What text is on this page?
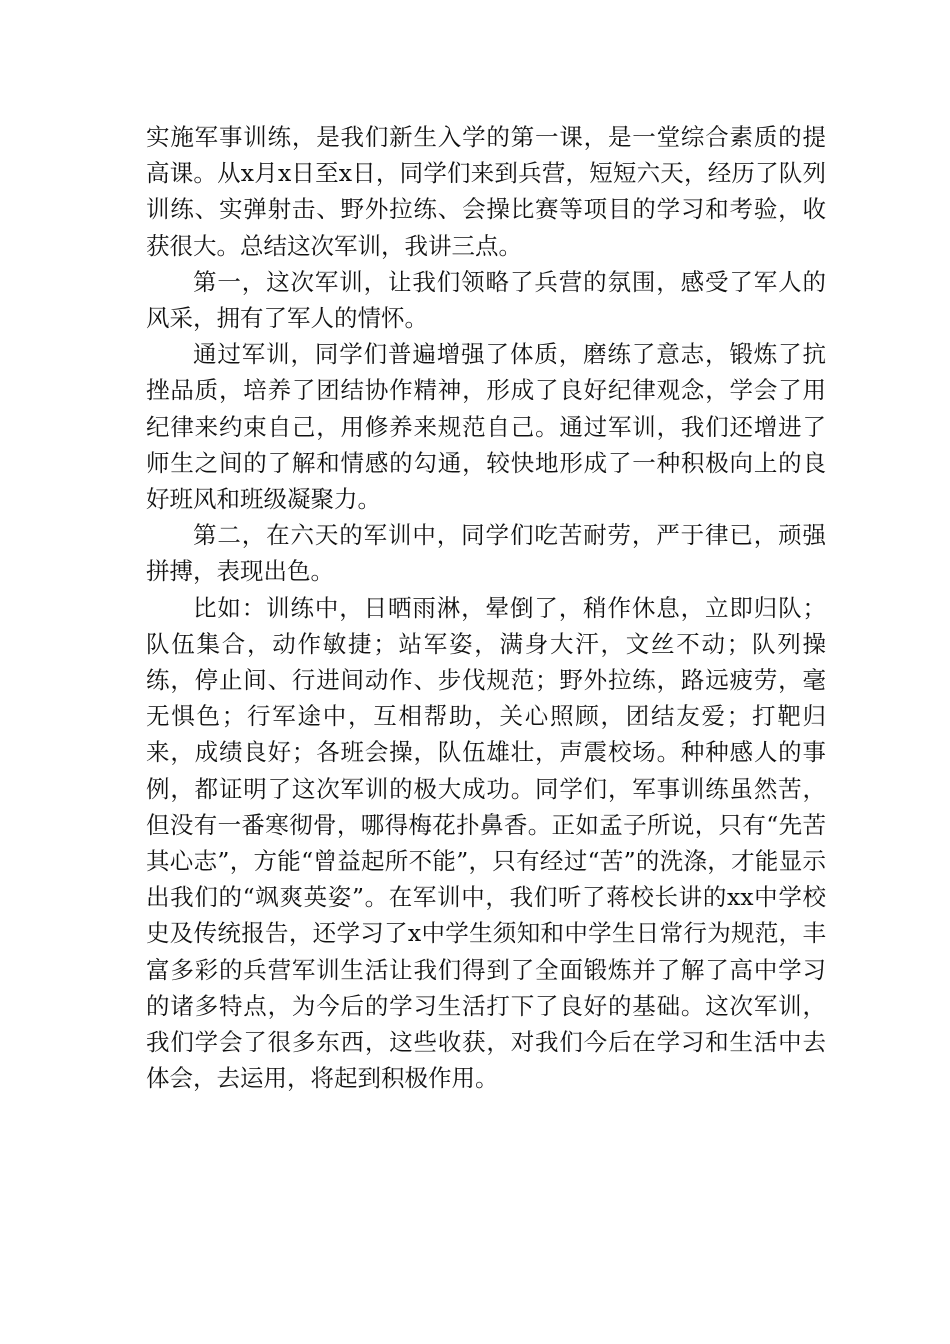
实施军事训练，是我们新生入学的第一课，是一堂综合素质的提高课。从x月x日至x日，同学们来到兵营，短短六天，经历了队列训练、实弹射击、野外拉练、会操比赛等项目的学习和考验，收获很大。总结这次军训，我讲三点。

第一，这次军训，让我们领略了兵营的氛围，感受了军人的风采，拥有了军人的情怀。

通过军训，同学们普遍增强了体质，磨练了意志，锻炼了抗挫品质，培养了团结协作精神，形成了良好纪律观念，学会了用纪律来约束自己，用修养来规范自己。通过军训，我们还增进了师生之间的了解和情感的勾通，较快地形成了一种积极向上的良好班风和班级凝聚力。

第二，在六天的军训中，同学们吃苦耐劳，严于律已，顽强拼搏，表现出色。

比如：训练中，日晒雨淋，晕倒了，稍作休息，立即归队；队伍集合，动作敏捷；站军姿，满身大汗，文丝不动；队列操练，停止间、行进间动作、步伐规范；野外拉练，路远疲劳，毫无惧色；行军途中，互相帮助，关心照顾，团结友爱；打靶归来，成绩良好；各班会操，队伍雄壮，声震校场。种种感人的事例，都证明了这次军训的极大成功。同学们，军事训练虽然苦，但没有一番寒彻骨，哪得梅花扑鼻香。正如孟子所说，只有“先苦其心志”，方能“曾益起所不能”，只有经过“苦”的洗涤，才能显示出我们的“飒爽英姿”。在军训中，我们听了蒋校长讲的xx中学校史及传统报告，还学习了x中学生须知和中学生日常行为规范，丰富多彩的兵营军训生活让我们得到了全面锻炼并了解了高中学习的诸多特点，为今后的学习生活打下了良好的基础。这次军训，我们学会了很多东西，这些收获，对我们今后在学习和生活中去体会，去运用，将起到积极作用。
